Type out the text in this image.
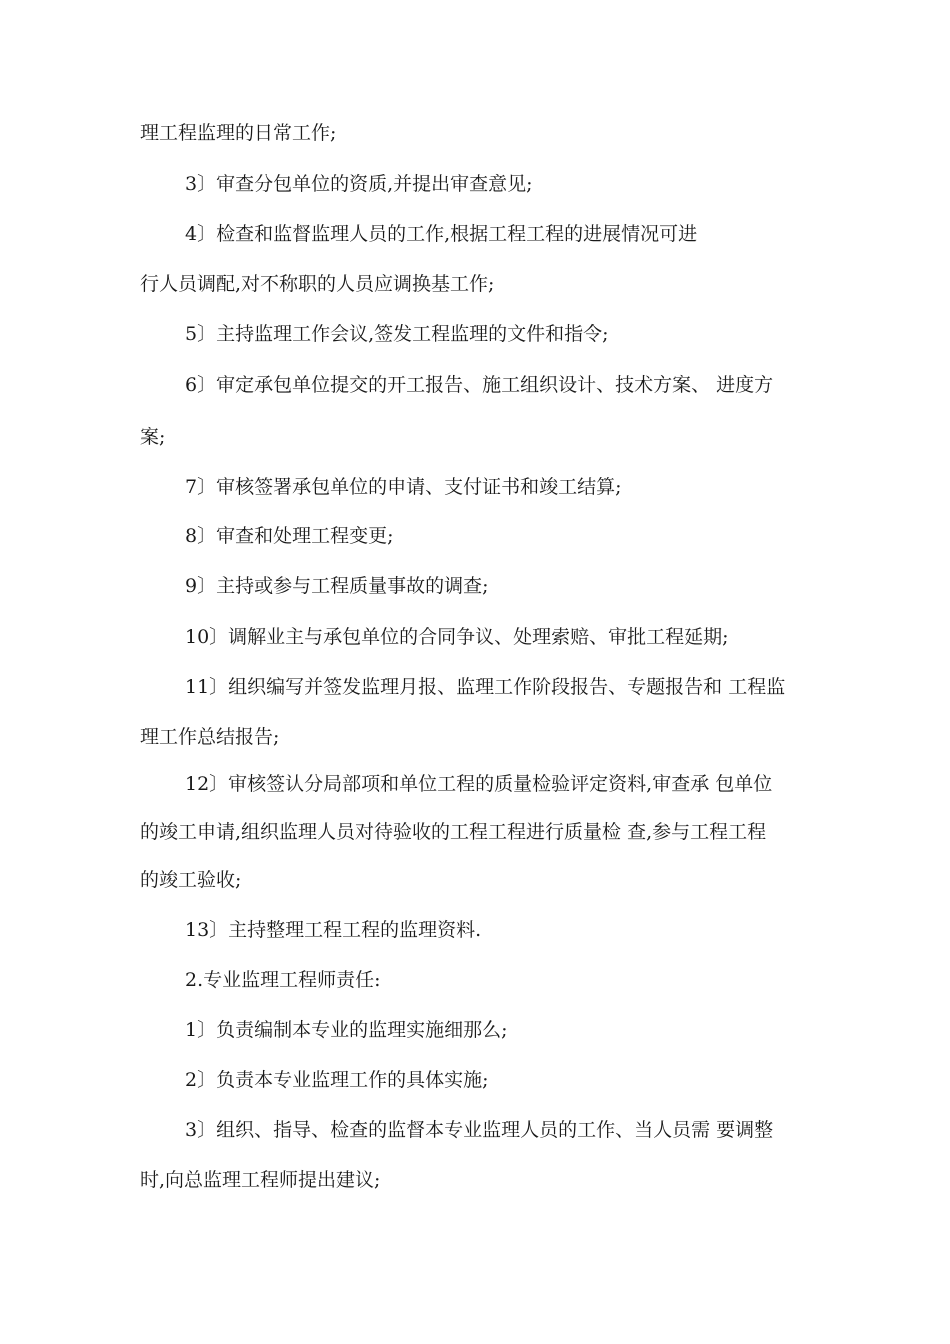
理工程监理的日常工作;

3〕审查分包单位的资质,并提出审查意见;

4〕检查和监督监理人员的工作,根据工程工程的进展情况可进

行人员调配,对不称职的人员应调换基工作;

5〕主持监理工作会议,签发工程监理的文件和指令;

6〕审定承包单位提交的开工报告、施工组织设计、技术方案、 进度方

案;

7〕审核签署承包单位的申请、支付证书和竣工结算;

8〕审查和处理工程变更;

9〕主持或参与工程质量事故的调查;

10〕调解业主与承包单位的合同争议、处理索赔、审批工程延期;

11〕组织编写并签发监理月报、监理工作阶段报告、专题报告和 工程监

理工作总结报告;

12〕审核签认分局部项和单位工程的质量检验评定资料,审查承 包单位

的竣工申请,组织监理人员对待验收的工程工程进行质量检 查,参与工程工程

的竣工验收;

13〕主持整理工程工程的监理资料.

2.专业监理工程师责任:

1〕负责编制本专业的监理实施细那么;

2〕负责本专业监理工作的具体实施;

3〕组织、指导、检查的监督本专业监理人员的工作、当人员需 要调整

时,向总监理工程师提出建议;
